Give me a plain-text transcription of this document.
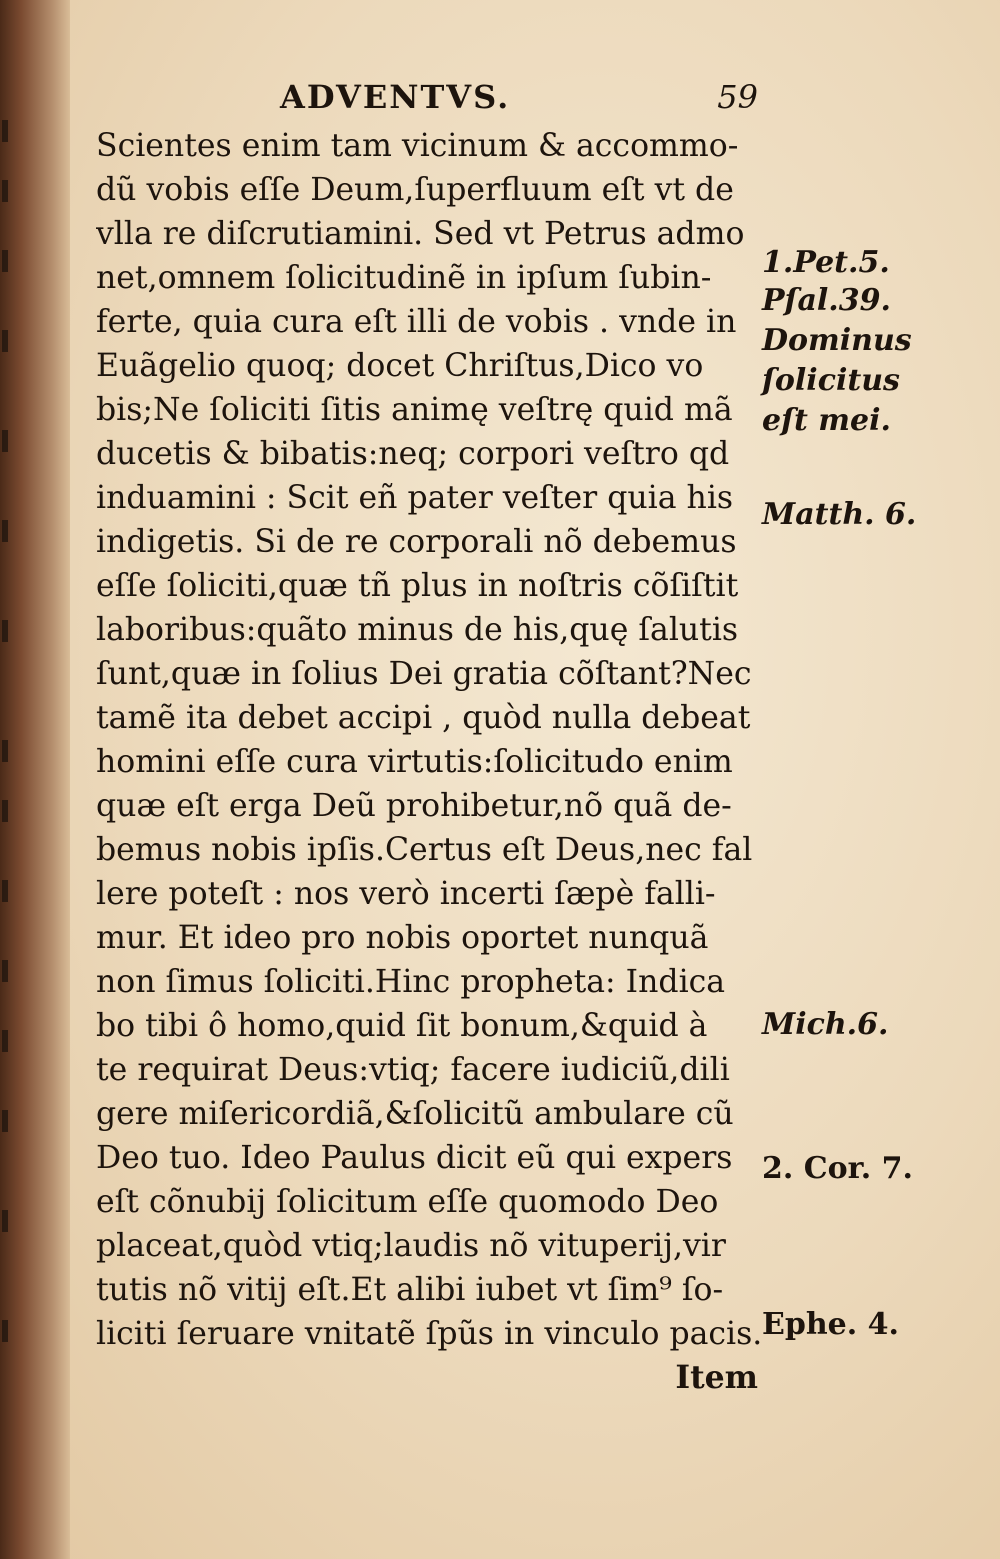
ADVENTVS.	59
Scientes enim tam vicinum & accommo-
dũ vobis eſſe Deum,ſuperfluum eſt vt de
vlla re diſcrutiamini. Sed vt Petrus admo
net,omnem ſolicitudinẽ in ipſum ſubin-
ferte, quia cura eſt illi de vobis . vnde in
Euãgelio quoq; docet Chriſtus,Dico vo
bis;Ne ſoliciti ſitis animę veſtrę quid mã
ducetis & bibatis:neq; corpori veſtro qd
induamini : Scit eñ pater veſter quia his
indigetis. Si de re corporali nõ debemus
eſſe ſoliciti,quæ tñ plus in noſtris cõſiſtit
laboribus:quãto minus de his,quę ſalutis
ſunt,quæ in ſolius Dei gratia cõſtant?Nec
tamẽ ita debet accipi , quòd nulla debeat
homini eſſe cura virtutis:ſolicitudo enim
quæ eſt erga Deũ prohibetur,nõ quã de-
bemus nobis ipſis.Certus eſt Deus,nec fal
lere poteſt : nos verò incerti ſæpè falli-
mur. Et ideo pro nobis oportet nunquã
non ſimus ſoliciti.Hinc propheta: Indica
bo tibi ô homo,quid ſit bonum,&quid à
te requirat Deus:vtiq; facere iudiciũ,dili
gere miſericordiã,&ſolicitũ ambulare cũ
Deo tuo. Ideo Paulus dicit eũ qui expers
eſt cõnubij ſolicitum eſſe quomodo Deo
placeat,quòd vtiq;laudis nõ vituperij,vir
tutis nõ vitij eſt.Et alibi iubet vt ſim⁹ ſo-
liciti ſeruare vnitatẽ ſpũs in vinculo pacis.
Item
1.Pet.5.
Pſal.39.
Dominus
ſolicitus
eſt mei.
Matth. 6.
Mich.6.
2. Cor. 7.
Ephe. 4.
